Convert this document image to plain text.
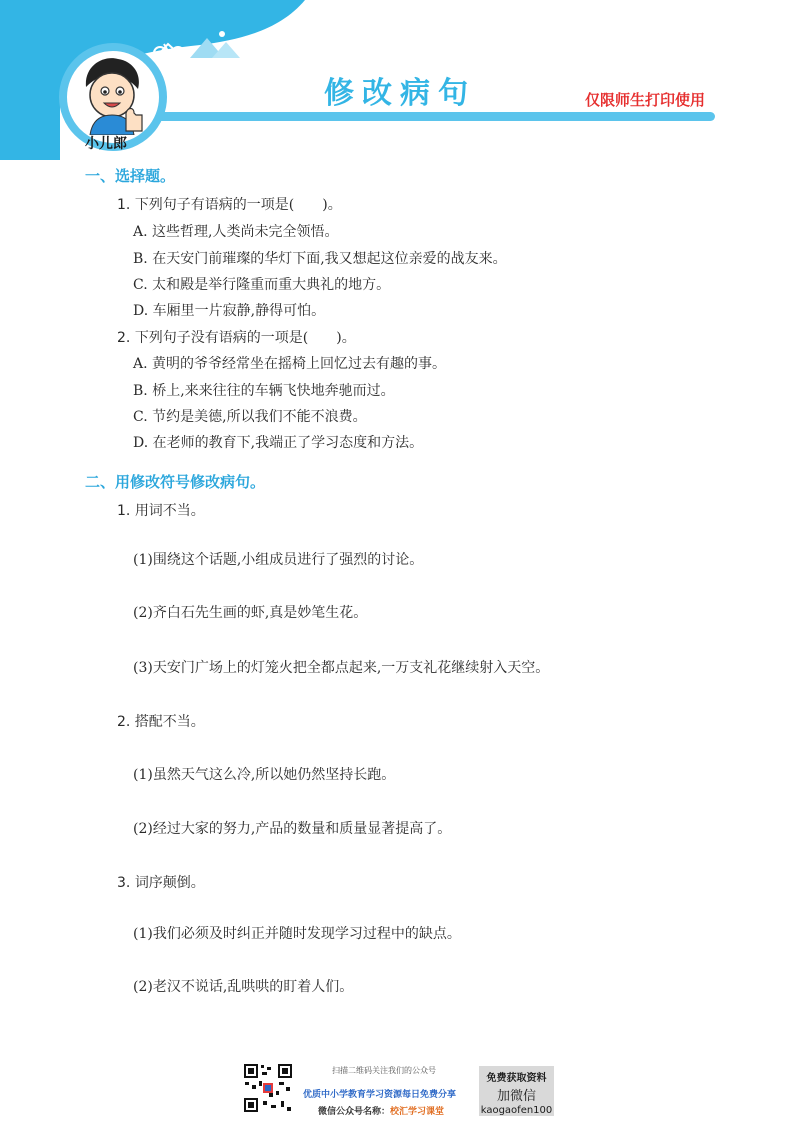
修改病句	仅限师生打印使用
小儿郎
一、选择题。
1. 下列句子有语病的一项是(　　)。
A. 这些哲理,人类尚未完全领悟。
B. 在天安门前璀璨的华灯下面,我又想起这位亲爱的战友来。
C. 太和殿是举行隆重而重大典礼的地方。
D. 车厢里一片寂静,静得可怕。
2. 下列句子没有语病的一项是(　　)。
A. 黄明的爷爷经常坐在摇椅上回忆过去有趣的事。
B. 桥上,来来往往的车辆飞快地奔驰而过。
C. 节约是美德,所以我们不能不浪费。
D. 在老师的教育下,我端正了学习态度和方法。
二、用修改符号修改病句。
1. 用词不当。
(1)围绕这个话题,小组成员进行了强烈的讨论。
(2)齐白石先生画的虾,真是妙笔生花。
(3)天安门广场上的灯笼火把全都点起来,一万支礼花继续射入天空。
2. 搭配不当。
(1)虽然天气这么冷,所以她仍然坚持长跑。
(2)经过大家的努力,产品的数量和质量显著提高了。
3. 词序颠倒。
(1)我们必须及时纠正并随时发现学习过程中的缺点。
(2)老汉不说话,乱哄哄的盯着人们。
扫描二维码关注我们的公众号
优质中小学教育学习资源每日免费分享
微信公众号名称：校汇学习课堂
免费获取资料
加微信
kaogaofen100
